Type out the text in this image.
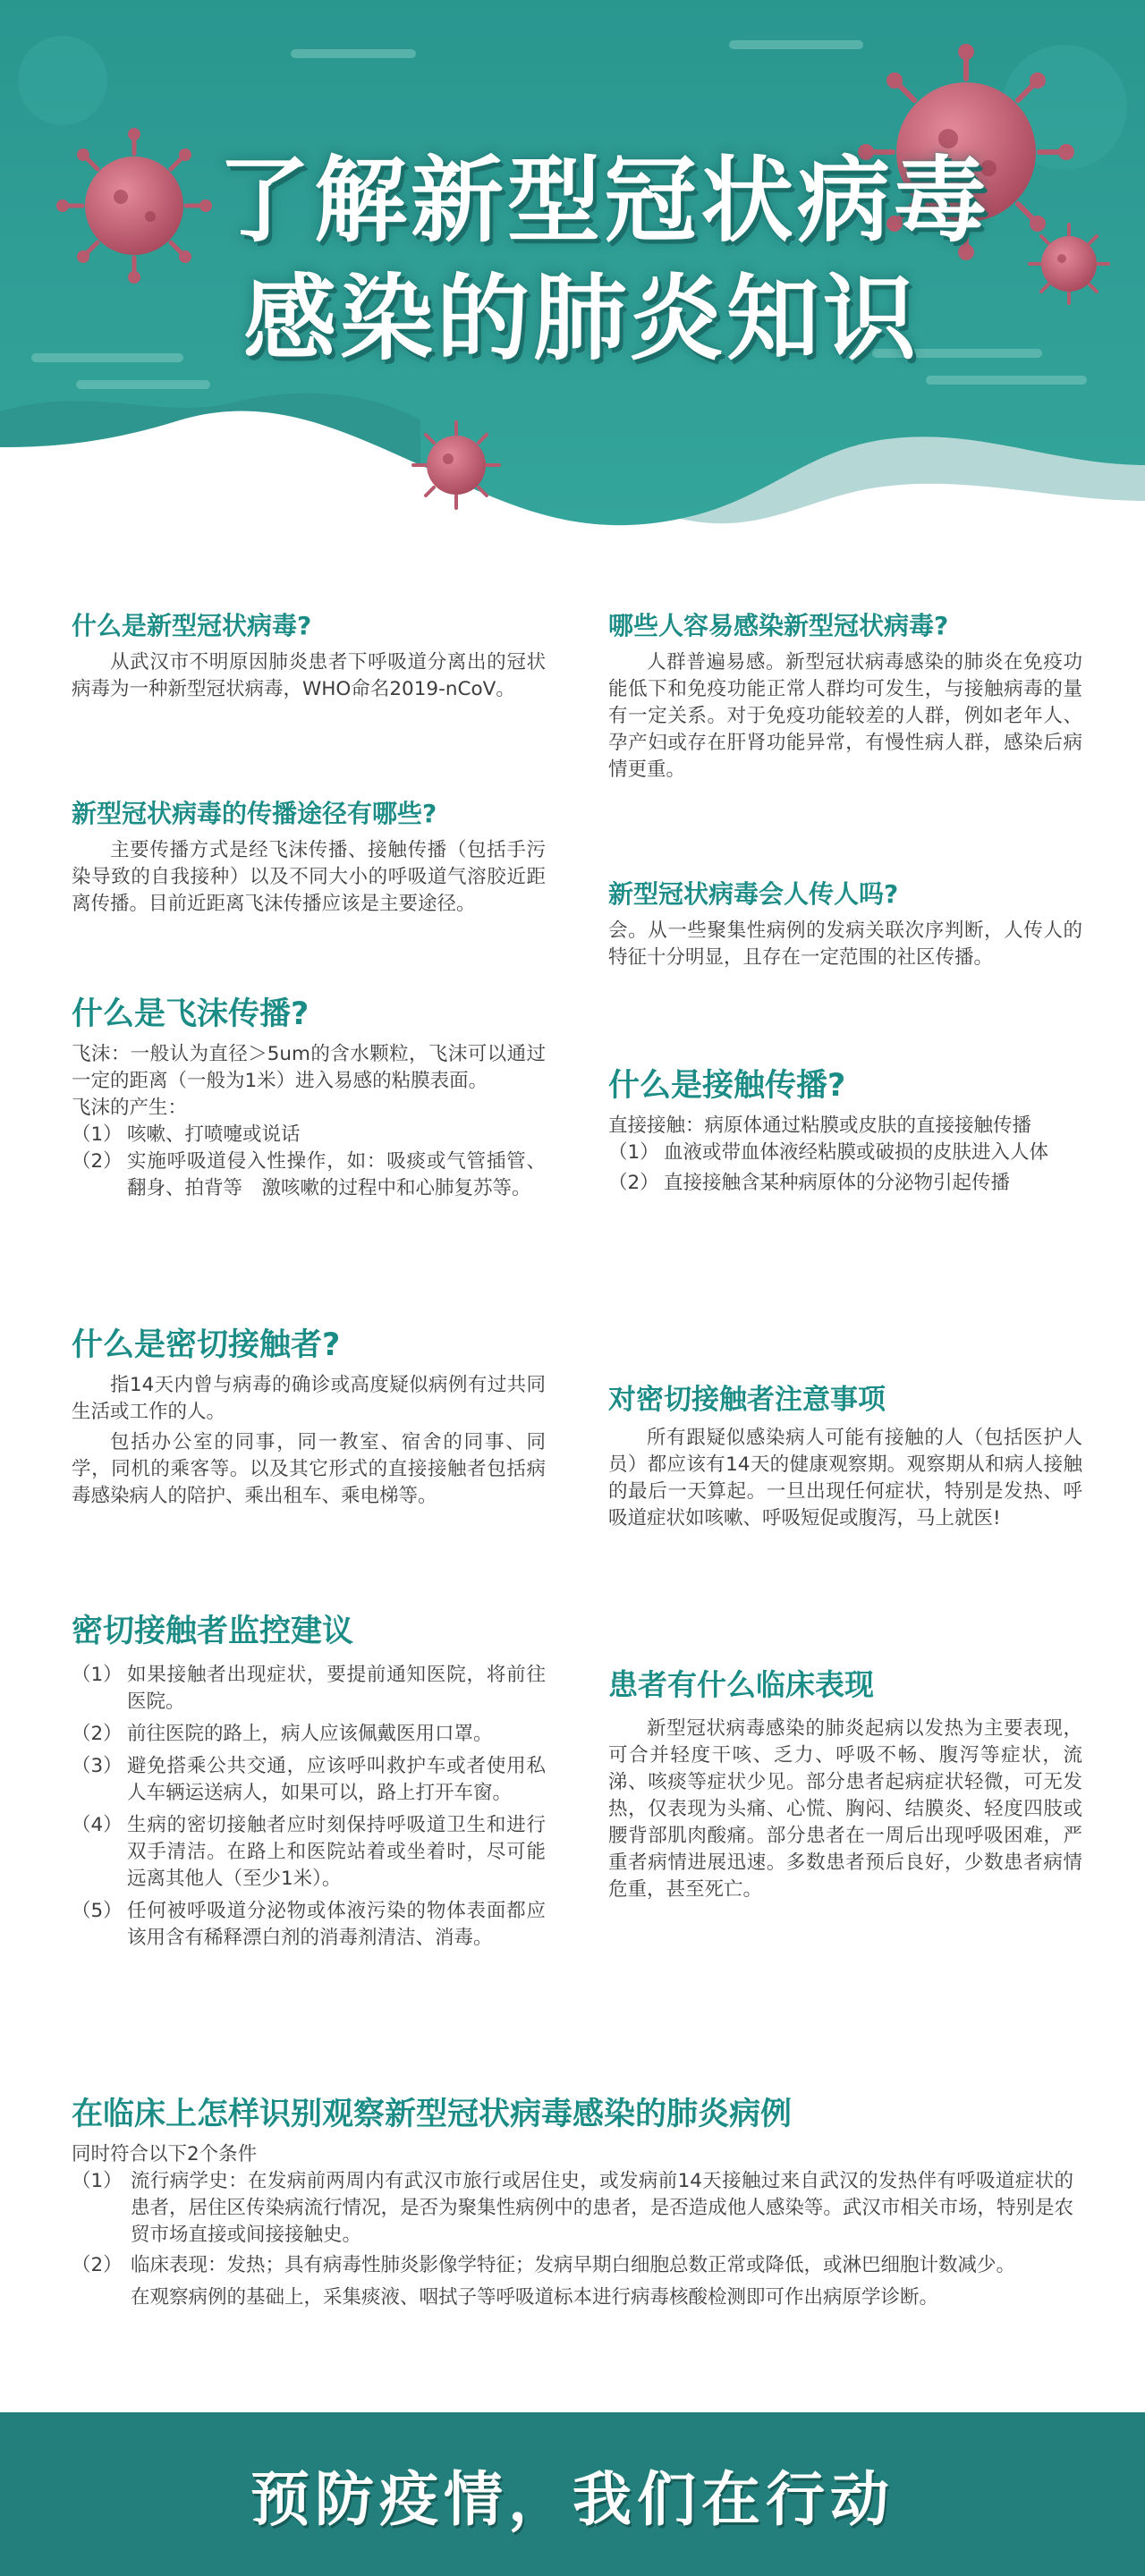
了解新型冠状病毒
感染的肺炎知识
什么是新型冠状病毒?
从武汉市不明原因肺炎患者下呼吸道分离出的冠状病毒为一种新型冠状病毒，WHO命名2019-nCoV。
新型冠状病毒的传播途径有哪些?
主要传播方式是经飞沫传播、接触传播（包括手污染导致的自我接种）以及不同大小的呼吸道气溶胶近距离传播。目前近距离飞沫传播应该是主要途径。
什么是飞沫传播?
飞沫：一般认为直径＞5um的含水颗粒，飞沫可以通过一定的距离（一般为1米）进入易感的粘膜表面。
飞沫的产生：
（1） 咳嗽、打喷嚏或说话
（2） 实施呼吸道侵入性操作，如：吸痰或气管插管、翻身、拍背等　激咳嗽的过程中和心肺复苏等。
什么是密切接触者?
指14天内曾与病毒的确诊或高度疑似病例有过共同生活或工作的人。
包括办公室的同事，同一教室、宿舍的同事、同学，同机的乘客等。以及其它形式的直接接触者包括病毒感染病人的陪护、乘出租车、乘电梯等。
密切接触者监控建议
（1） 如果接触者出现症状，要提前通知医院，将前往医院。
（2） 前往医院的路上，病人应该佩戴医用口罩。
（3） 避免搭乘公共交通，应该呼叫救护车或者使用私人车辆运送病人，如果可以，路上打开车窗。
（4） 生病的密切接触者应时刻保持呼吸道卫生和进行双手清洁。在路上和医院站着或坐着时，尽可能远离其他人（至少1米）。
（5） 任何被呼吸道分泌物或体液污染的物体表面都应该用含有稀释漂白剂的消毒剂清洁、消毒。
哪些人容易感染新型冠状病毒?
人群普遍易感。新型冠状病毒感染的肺炎在免疫功能低下和免疫功能正常人群均可发生，与接触病毒的量有一定关系。对于免疫功能较差的人群，例如老年人、孕产妇或存在肝肾功能异常，有慢性病人群，感染后病情更重。
新型冠状病毒会人传人吗?
会。从一些聚集性病例的发病关联次序判断，人传人的特征十分明显，且存在一定范围的社区传播。
什么是接触传播?
直接接触：病原体通过粘膜或皮肤的直接接触传播
（1） 血液或带血体液经粘膜或破损的皮肤进入人体
（2） 直接接触含某种病原体的分泌物引起传播
对密切接触者注意事项
所有跟疑似感染病人可能有接触的人（包括医护人员）都应该有14天的健康观察期。观察期从和病人接触的最后一天算起。一旦出现任何症状，特别是发热、呼吸道症状如咳嗽、呼吸短促或腹泻，马上就医!
患者有什么临床表现
新型冠状病毒感染的肺炎起病以发热为主要表现，可合并轻度干咳、乏力、呼吸不畅、腹泻等症状，流涕、咳痰等症状少见。部分患者起病症状轻微，可无发热，仅表现为头痛、心慌、胸闷、结膜炎、轻度四肢或腰背部肌肉酸痛。部分患者在一周后出现呼吸困难，严重者病情进展迅速。多数患者预后良好，少数患者病情危重，甚至死亡。
在临床上怎样识别观察新型冠状病毒感染的肺炎病例
同时符合以下2个条件
（1） 流行病学史：在发病前两周内有武汉市旅行或居住史，或发病前14天接触过来自武汉的发热伴有呼吸道症状的患者，居住区传染病流行情况，是否为聚集性病例中的患者，是否造成他人感染等。武汉市相关市场，特别是农贸市场直接或间接接触史。
（2） 临床表现：发热；具有病毒性肺炎影像学特征；发病早期白细胞总数正常或降低，或淋巴细胞计数减少。
在观察病例的基础上，采集痰液、咽拭子等呼吸道标本进行病毒核酸检测即可作出病原学诊断。
预防疫情，我们在行动
